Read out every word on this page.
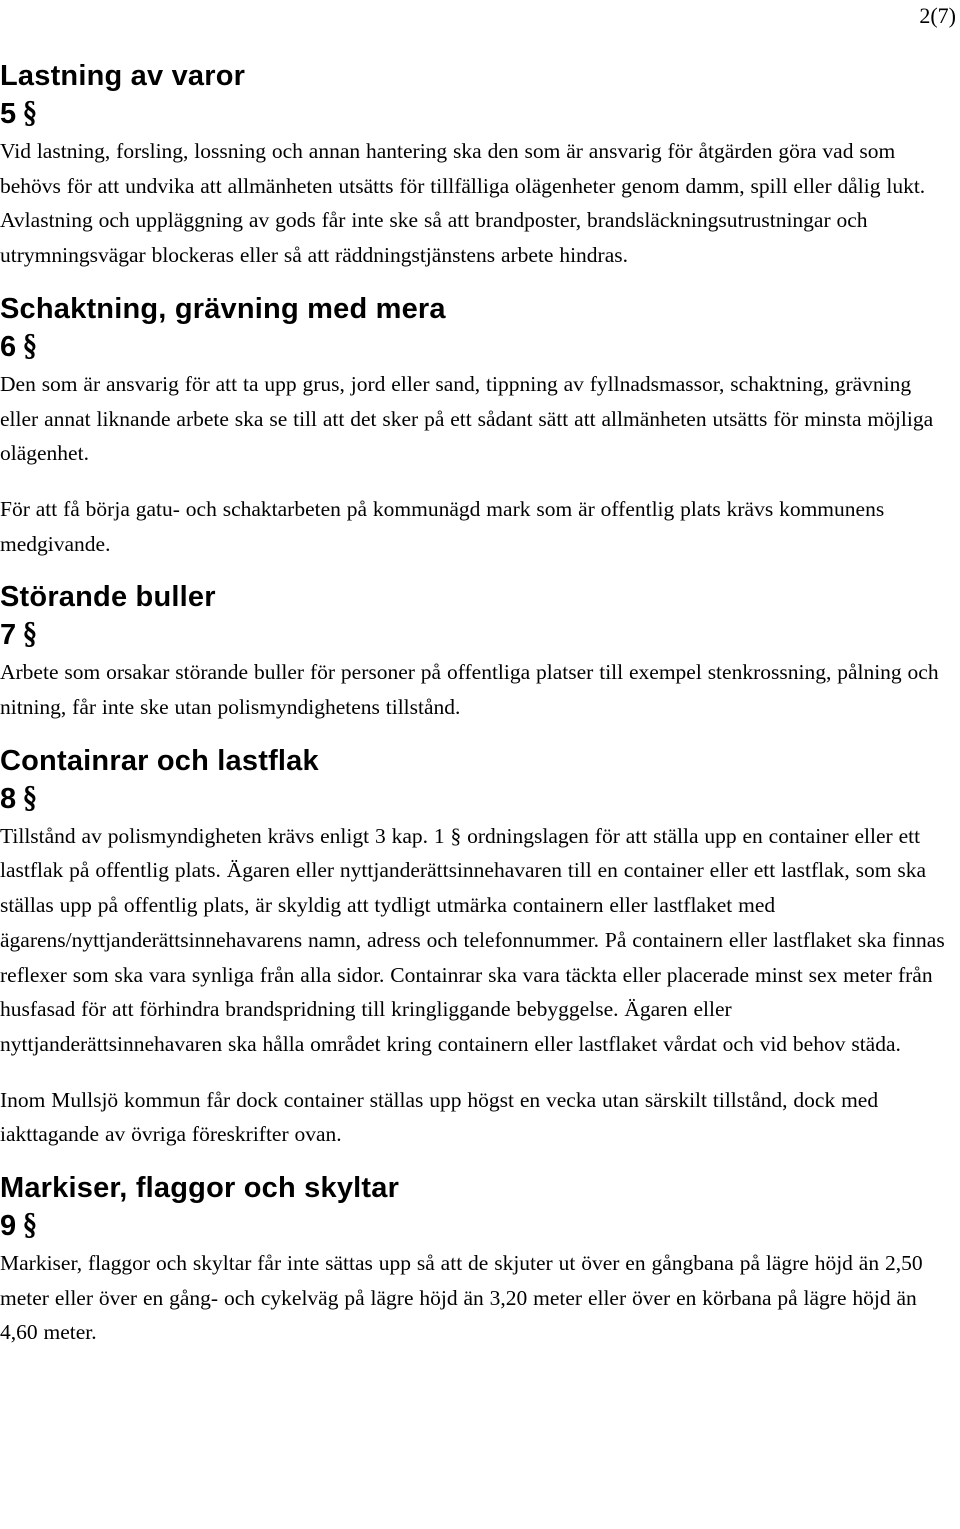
2(7)
Lastning av varor
5 §

Vid lastning, forsling, lossning och annan hantering ska den som är ansvarig för åtgärden göra vad som behövs för att undvika att allmänheten utsätts för tillfälliga olägenheter genom damm, spill eller dålig lukt. Avlastning och uppläggning av gods får inte ske så att brandposter, brandsläckningsutrustningar och utrymningsvägar blockeras eller så att räddningstjänstens arbete hindras.

Schaktning, grävning med mera
6 §

Den som är ansvarig för att ta upp grus, jord eller sand, tippning av fyllnadsmassor, schaktning, grävning eller annat liknande arbete ska se till att det sker på ett sådant sätt att allmänheten utsätts för minsta möjliga olägenhet.

För att få börja gatu- och schaktarbeten på kommunägd mark som är offentlig plats krävs kommunens medgivande.

Störande buller
7 §

Arbete som orsakar störande buller för personer på offentliga platser till exempel stenkrossning, pålning och nitning, får inte ske utan polismyndighetens tillstånd.

Containrar och lastflak
8 §

Tillstånd av polismyndigheten krävs enligt 3 kap. 1 § ordningslagen för att ställa upp en container eller ett lastflak på offentlig plats. Ägaren eller nyttjanderättsinnehavaren till en container eller ett lastflak, som ska ställas upp på offentlig plats, är skyldig att tydligt utmärka containern eller lastflaket med ägarens/nyttjanderättsinnehavarens namn, adress och telefonnummer. På containern eller lastflaket ska finnas reflexer som ska vara synliga från alla sidor. Containrar ska vara täckta eller placerade minst sex meter från husfasad för att förhindra brandspridning till kringliggande bebyggelse. Ägaren eller nyttjanderättsinnehavaren ska hålla området kring containern eller lastflaket vårdat och vid behov städa.

Inom Mullsjö kommun får dock container ställas upp högst en vecka utan särskilt tillstånd, dock med iakttagande av övriga föreskrifter ovan.

Markiser, flaggor och skyltar
9 §

Markiser, flaggor och skyltar får inte sättas upp så att de skjuter ut över en gångbana på lägre höjd än 2,50 meter eller över en gång- och cykelväg på lägre höjd än 3,20 meter eller över en körbana på lägre höjd än 4,60 meter.
